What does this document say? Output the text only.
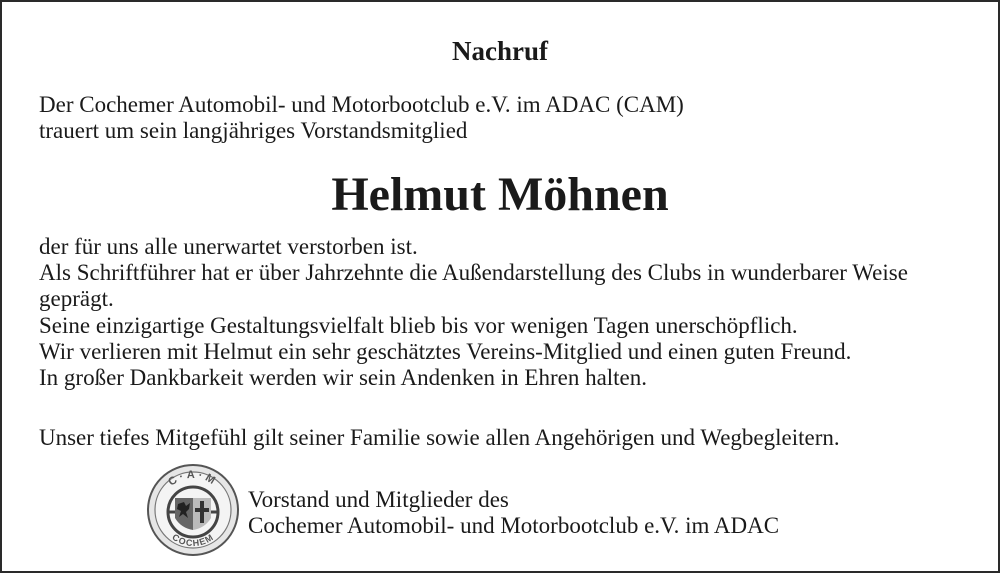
Nachruf
Der Cochemer Automobil- und Motorbootclub e.V. im ADAC (CAM)
trauert um sein langjähriges Vorstandsmitglied
Helmut Möhnen

der für uns alle unerwartet verstorben ist.

Als Schriftführer hat er über Jahrzehnte die Außendarstellung des Clubs in wunderbarer Weise geprägt.

Seine einzigartige Gestaltungsvielfalt blieb bis vor wenigen Tagen unerschöpflich.

Wir verlieren mit Helmut ein sehr geschätztes Vereins-Mitglied und einen guten Freund.

In großer Dankbarkeit werden wir sein Andenken in Ehren halten.

Unser tiefes Mitgefühl gilt seiner Familie sowie allen Angehörigen und Wegbegleitern.
C·A·M
COCHEM
Vorstand und Mitglieder des
Cochemer Automobil- und Motorbootclub e.V. im ADAC
